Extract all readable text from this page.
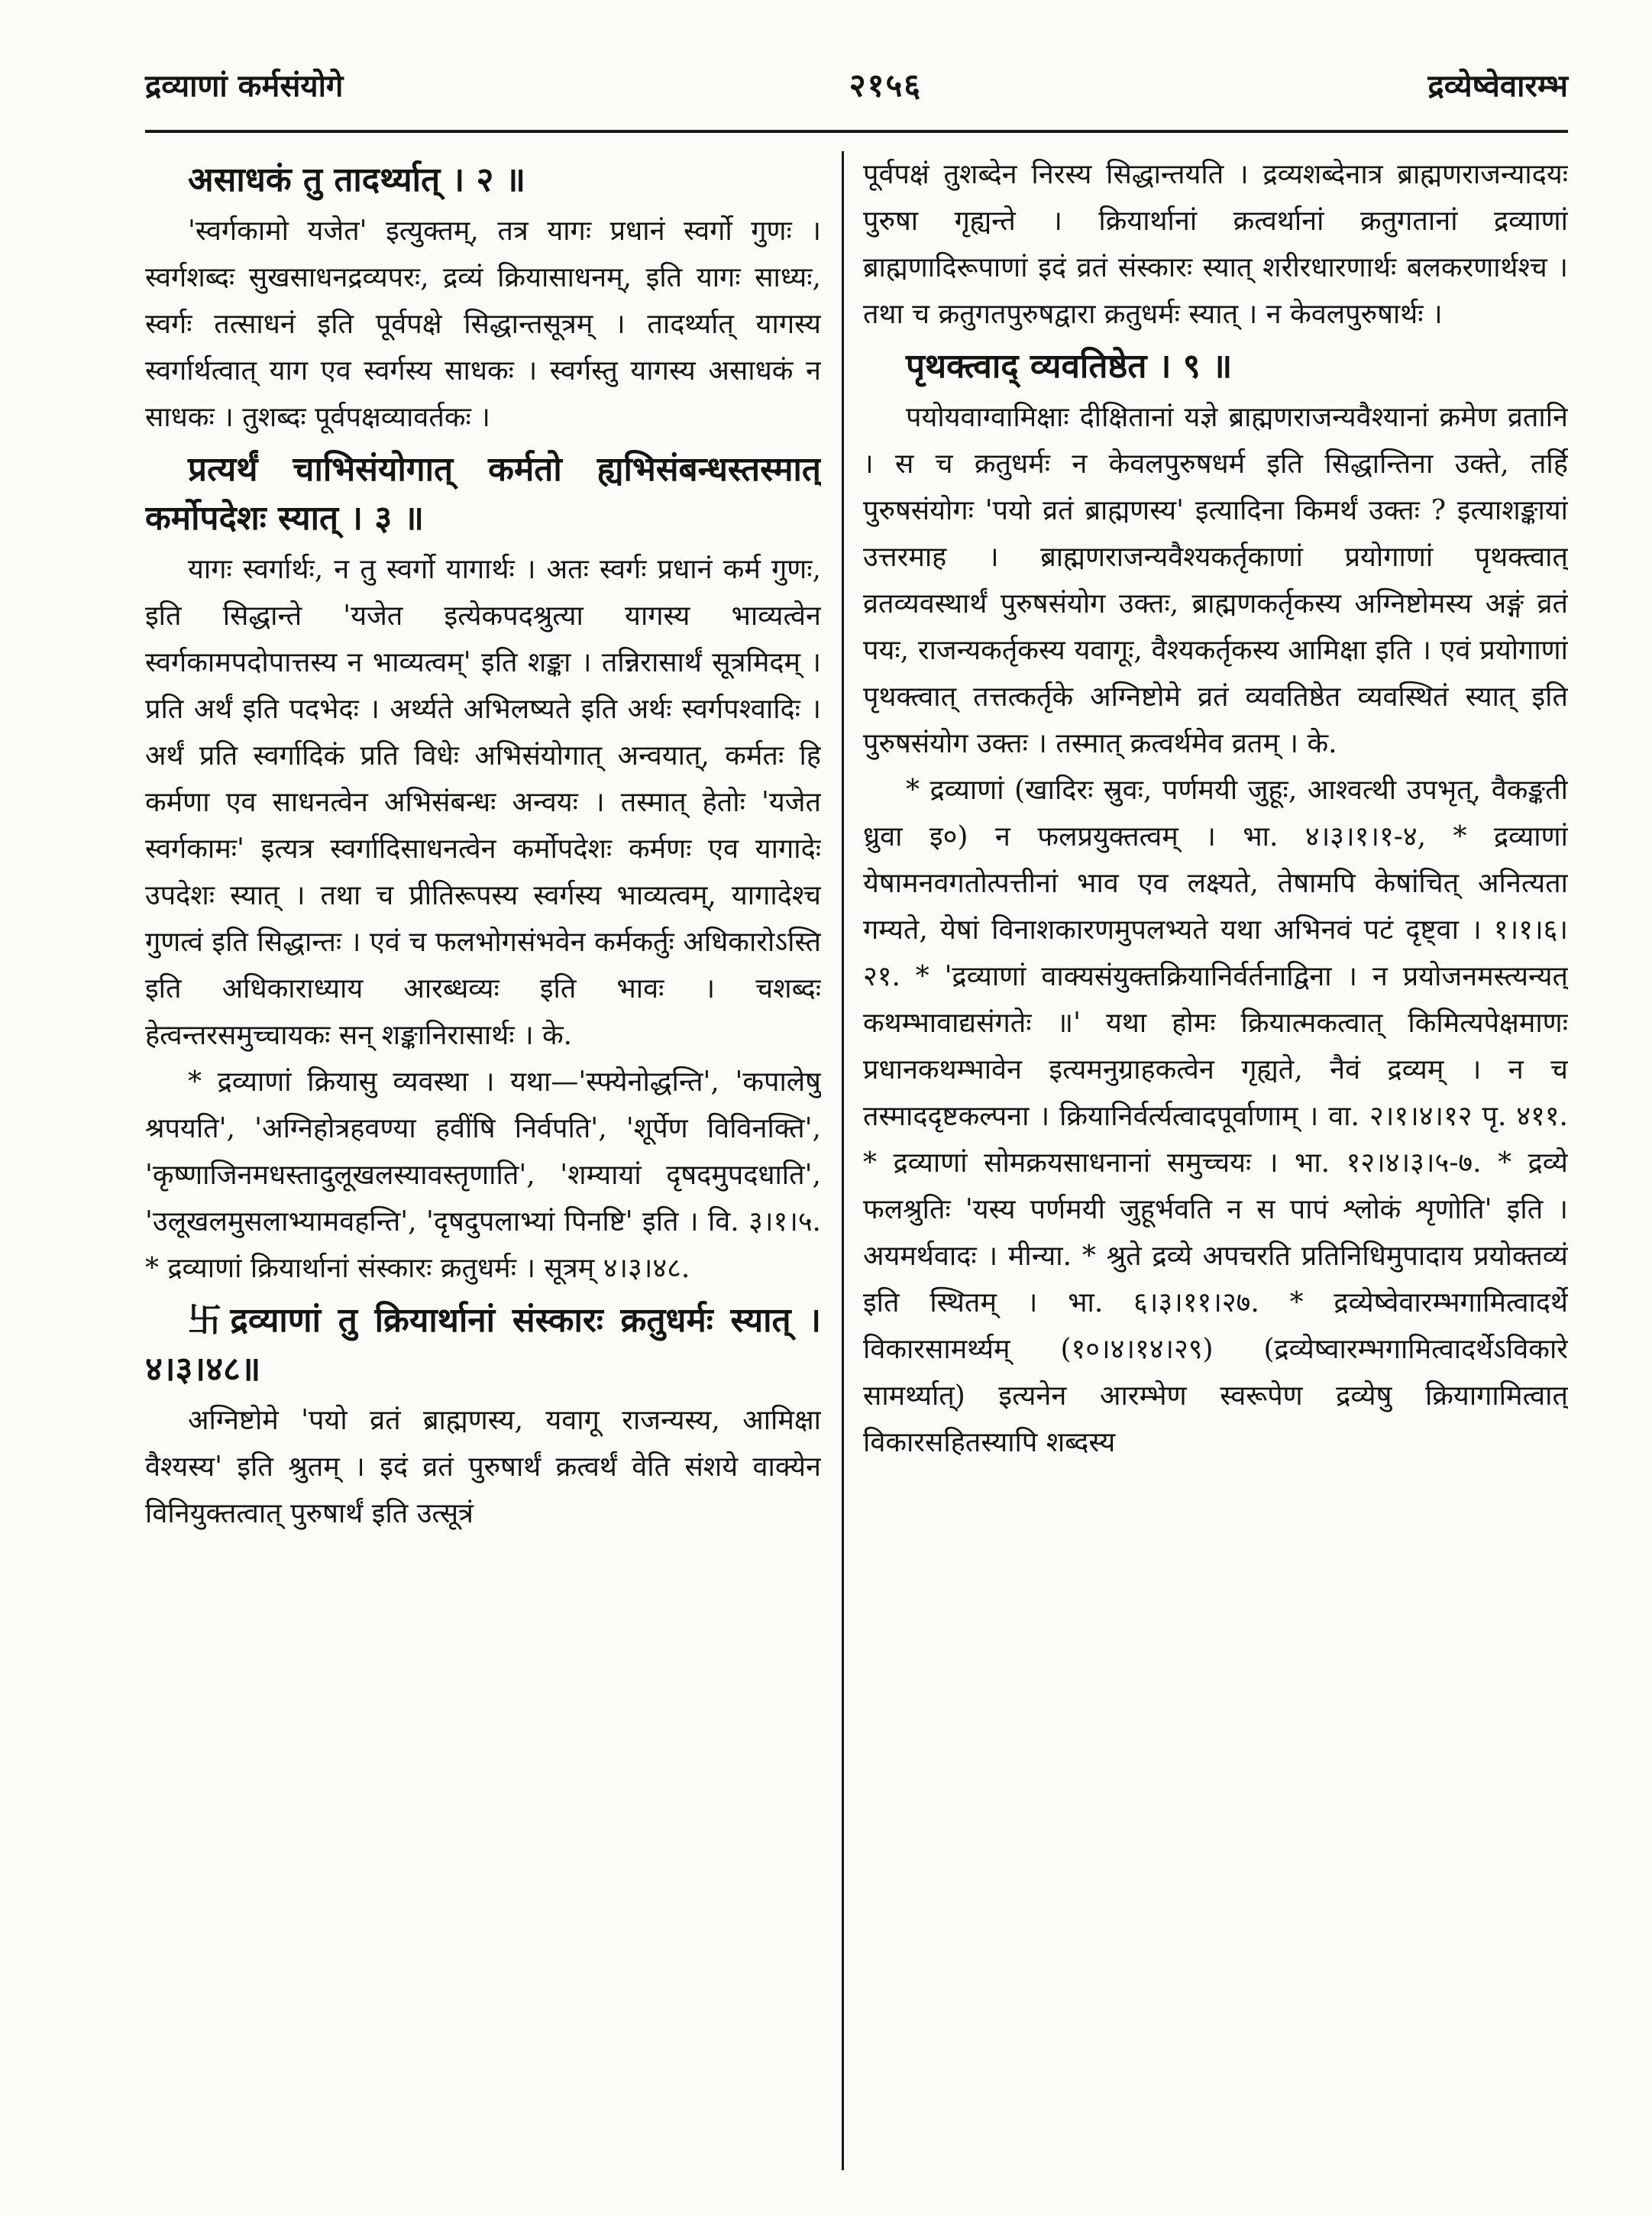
द्रव्याणां कर्मसंयोगे	२१५६	द्रव्येष्वेवारम्भ

असाधकं तु तादर्थ्यात् । २ ॥

'स्वर्गकामो यजेत' इत्युक्तम्, तत्र यागः प्रधानं स्वर्गो गुणः । स्वर्गशब्दः सुखसाधनद्रव्यपरः, द्रव्यं क्रियासाधनम्, इति यागः साध्यः, स्वर्गः तत्साधनं इति पूर्वपक्षे सिद्धान्तसूत्रम् । तादर्थ्यात् यागस्य स्वर्गार्थत्वात् याग एव स्वर्गस्य साधकः । स्वर्गस्तु यागस्य असाधकं न साधकः । तुशब्दः पूर्वपक्षव्यावर्तकः ।

प्रत्यर्थं चाभिसंयोगात् कर्मतो ह्यभिसंबन्धस्तस्मात् कर्मोपदेशः स्यात् । ३ ॥

यागः स्वर्गार्थः, न तु स्वर्गो यागार्थः । अतः स्वर्गः प्रधानं कर्म गुणः, इति सिद्धान्ते 'यजेत इत्येकपदश्रुत्या यागस्य भाव्यत्वेन स्वर्गकामपदोपात्तस्य न भाव्यत्वम्' इति शङ्का । तन्निरासार्थं सूत्रमिदम् । प्रति अर्थं इति पदभेदः । अर्थ्यते अभिलष्यते इति अर्थः स्वर्गपश्वादिः । अर्थं प्रति स्वर्गादिकं प्रति विधेः अभिसंयोगात् अन्वयात्, कर्मतः हि कर्मणा एव साधनत्वेन अभिसंबन्धः अन्वयः । तस्मात् हेतोः 'यजेत स्वर्गकामः' इत्यत्र स्वर्गादिसाधनत्वेन कर्मोपदेशः कर्मणः एव यागादेः उपदेशः स्यात् । तथा च प्रीतिरूपस्य स्वर्गस्य भाव्यत्वम्, यागादेश्च गुणत्वं इति सिद्धान्तः । एवं च फलभोगसंभवेन कर्मकर्तुः अधिकारोऽस्ति इति अधिकाराध्याय आरब्धव्यः इति भावः । चशब्दः हेत्वन्तरसमुच्चायकः सन् शङ्कानिरासार्थः । के.

* द्रव्याणां क्रियासु व्यवस्था । यथा—'स्फ्येनोद्धन्ति', 'कपालेषु श्रपयति', 'अग्निहोत्रहवण्या हवींषि निर्वपति', 'शूर्पेण विविनक्ति', 'कृष्णाजिनमधस्तादुलूखलस्यावस्तृणाति', 'शम्यायां दृषदमुपदधाति', 'उलूखलमुसलाभ्यामवहन्ति', 'दृषदुपलाभ्यां पिनष्टि' इति । वि. ३।१।५. * द्रव्याणां क्रियार्थानां संस्कारः क्रतुधर्मः । सूत्रम् ४।३।४८.

卐द्रव्याणां तु क्रियार्थानां संस्कारः क्रतुधर्मः स्यात् । ४।३।४८॥

अग्निष्टोमे 'पयो व्रतं ब्राह्मणस्य, यवागू राजन्यस्य, आमिक्षा वैश्यस्य' इति श्रुतम् । इदं व्रतं पुरुषार्थं क्रत्वर्थं वेति संशये वाक्येन विनियुक्तत्वात् पुरुषार्थं इति उत्सूत्रं

पूर्वपक्षं तुशब्देन निरस्य सिद्धान्तयति । द्रव्यशब्देनात्र ब्राह्मणराजन्यादयः पुरुषा गृह्यन्ते । क्रियार्थानां क्रत्वर्थानां क्रतुगतानां द्रव्याणां ब्राह्मणादिरूपाणां इदं व्रतं संस्कारः स्यात् शरीरधारणार्थः बलकरणार्थश्च । तथा च क्रतुगतपुरुषद्वारा क्रतुधर्मः स्यात् । न केवलपुरुषार्थः ।

पृथक्त्वाद् व्यवतिष्ठेत । ९ ॥

पयोयवाग्वामिक्षाः दीक्षितानां यज्ञे ब्राह्मणराजन्यवैश्यानां क्रमेण व्रतानि । स च क्रतुधर्मः न केवलपुरुषधर्म इति सिद्धान्तिना उक्ते, तर्हि पुरुषसंयोगः 'पयो व्रतं ब्राह्मणस्य' इत्यादिना किमर्थं उक्तः ? इत्याशङ्कायां उत्तरमाह । ब्राह्मणराजन्यवैश्यकर्तृकाणां प्रयोगाणां पृथक्त्वात् व्रतव्यवस्थार्थं पुरुषसंयोग उक्तः, ब्राह्मणकर्तृकस्य अग्निष्टोमस्य अङ्गं व्रतं पयः, राजन्यकर्तृकस्य यवागूः, वैश्यकर्तृकस्य आमिक्षा इति । एवं प्रयोगाणां पृथक्त्वात् तत्तत्कर्तृके अग्निष्टोमे व्रतं व्यवतिष्ठेत व्यवस्थितं स्यात् इति पुरुषसंयोग उक्तः । तस्मात् क्रत्वर्थमेव व्रतम् । के.

* द्रव्याणां (खादिरः स्रुवः, पर्णमयी जुहूः, आश्वत्थी उपभृत्, वैकङ्कती ध्रुवा इ०) न फलप्रयुक्तत्वम् । भा. ४।३।१।१-४, * द्रव्याणां येषामनवगतोत्पत्तीनां भाव एव लक्ष्यते, तेषामपि केषांचित् अनित्यता गम्यते, येषां विनाशकारणमुपलभ्यते यथा अभिनवं पटं दृष्ट्वा । १।१।६।२१. * 'द्रव्याणां वाक्यसंयुक्तक्रियानिर्वर्तनाद्विना । न प्रयोजनमस्त्यन्यत् कथम्भावाद्यसंगतेः ॥' यथा होमः क्रियात्मकत्वात् किमित्यपेक्षमाणः प्रधानकथम्भावेन इत्यमनुग्राहकत्वेन गृह्यते, नैवं द्रव्यम् । न च तस्माददृष्टकल्पना । क्रियानिर्वर्त्यत्वादपूर्वाणाम् । वा. २।१।४।१२ पृ. ४११. * द्रव्याणां सोमक्रयसाधनानां समुच्चयः । भा. १२।४।३।५-७. * द्रव्ये फलश्रुतिः 'यस्य पर्णमयी जुहूर्भवति न स पापं श्लोकं शृणोति' इति । अयमर्थवादः । मीन्या. * श्रुते द्रव्ये अपचरति प्रतिनिधिमुपादाय प्रयोक्तव्यं इति स्थितम् । भा. ६।३।११।२७. * द्रव्येष्वेवारम्भगामित्वादर्थे विकारसामर्थ्यम् (१०।४।१४।२९) (द्रव्येष्वारम्भगामित्वादर्थेऽविकारे सामर्थ्यात्) इत्यनेन आरम्भेण स्वरूपेण द्रव्येषु क्रियागामित्वात् विकारसहितस्यापि शब्दस्य
